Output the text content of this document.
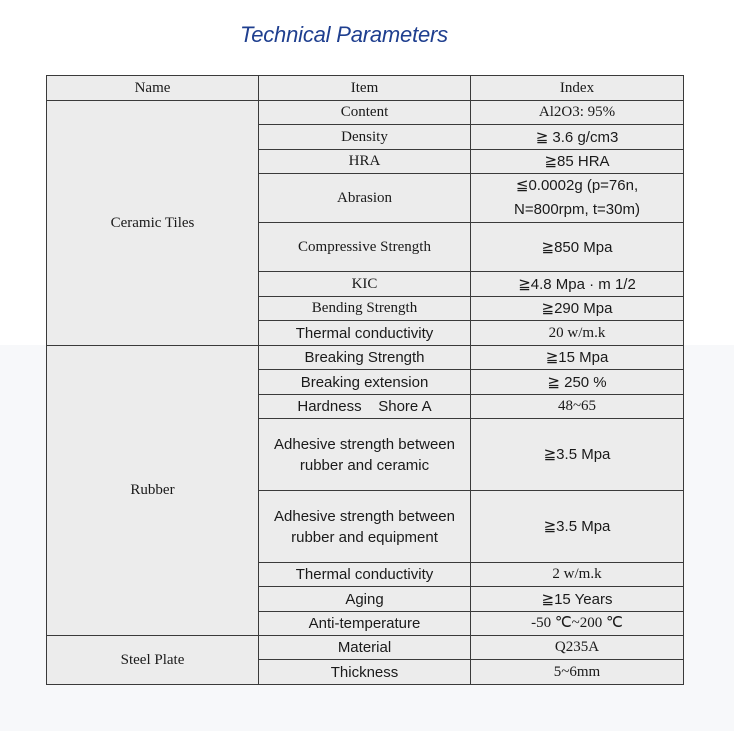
Technical Parameters
Name	Item	Index
Ceramic Tiles	Content	Al2O3: 95%
	Density	≧ 3.6 g/cm3
	HRA	≧85 HRA
	Abrasion	≦0.0002g (p=76n,
N=800rpm, t=30m)

	Compressive Strength	≧850 Mpa
	KIC	≧4.8 Mpa · m 1/2
	Bending Strength	≧290 Mpa
	Thermal conductivity	20 w/m.k
Rubber	Breaking Strength	≧15 Mpa
	Breaking extension	≧ 250 %
	Hardness    Shore A	48~65

	Adhesive strength between
rubber and ceramic	≧3.5 Mpa

	Adhesive strength between
rubber and equipment	≧3.5 Mpa
	Thermal conductivity	2 w/m.k
	Aging	≧15 Years
	Anti-temperature	-50 ℃~200 ℃
Steel Plate	Material	Q235A
	Thickness	5~6mm
